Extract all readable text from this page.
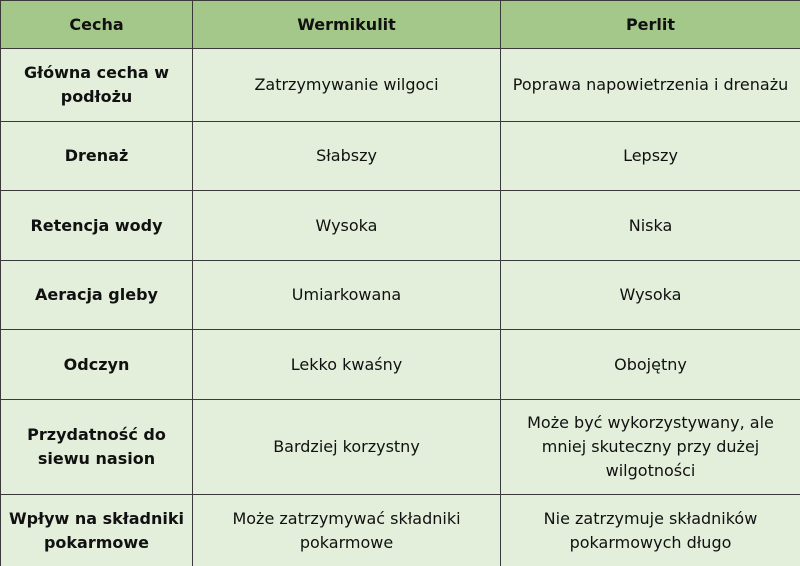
Cecha	Wermikulit	Perlit
Główna cecha w podłożu	Zatrzymywanie wilgoci	Poprawa napowietrzenia i drenażu
Drenaż	Słabszy	Lepszy
Retencja wody	Wysoka	Niska
Aeracja gleby	Umiarkowana	Wysoka
Odczyn	Lekko kwaśny	Obojętny
Przydatność do siewu nasion	Bardziej korzystny	Może być wykorzystywany, ale mniej skuteczny przy dużej wilgotności
Wpływ na składniki pokarmowe	Może zatrzymywać składniki pokarmowe	Nie zatrzymuje składników pokarmowych długo
